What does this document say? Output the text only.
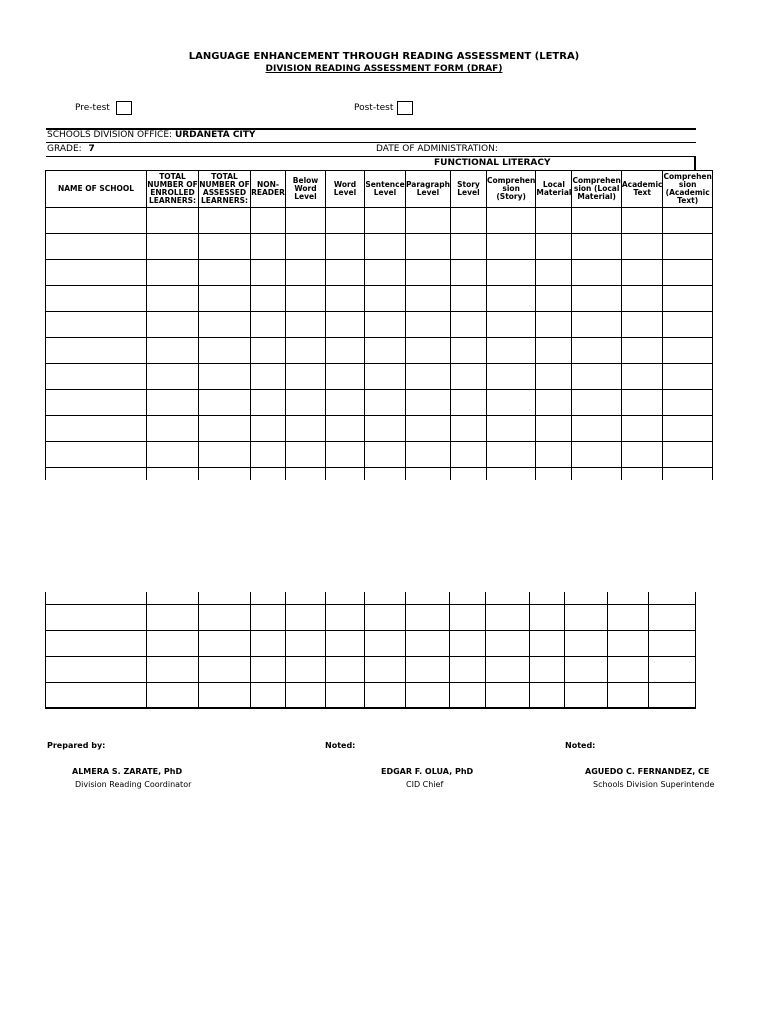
LANGUAGE ENHANCEMENT THROUGH READING ASSESSMENT (LETRA)
DIVISION READING ASSESSMENT FORM (DRAF)
Pre-test	Post-test
SCHOOLS DIVISION OFFICE: URDANETA CITY
GRADE: 7	DATE OF ADMINISTRATION:
FUNCTIONAL LITERACY
NAME OF SCHOOL	TOTAL NUMBER OF ENROLLED LEARNERS:	TOTAL NUMBER OF ASSESSED LEARNERS:	NON-READER	Below Word Level	Word Level	Sentence Level	Paragraph Level	Story Level	Comprehen sion (Story)	Local Material	Comprehen sion (Local Material)	Academic Text	Comprehen sion (Academic Text)

Prepared by:	Noted:	Noted:
ALMERA S. ZARATE, PhD
Division Reading Coordinator
EDGAR F. OLUA, PhD
CID Chief
AGUEDO C. FERNANDEZ, CE
Schools Division Superintende
